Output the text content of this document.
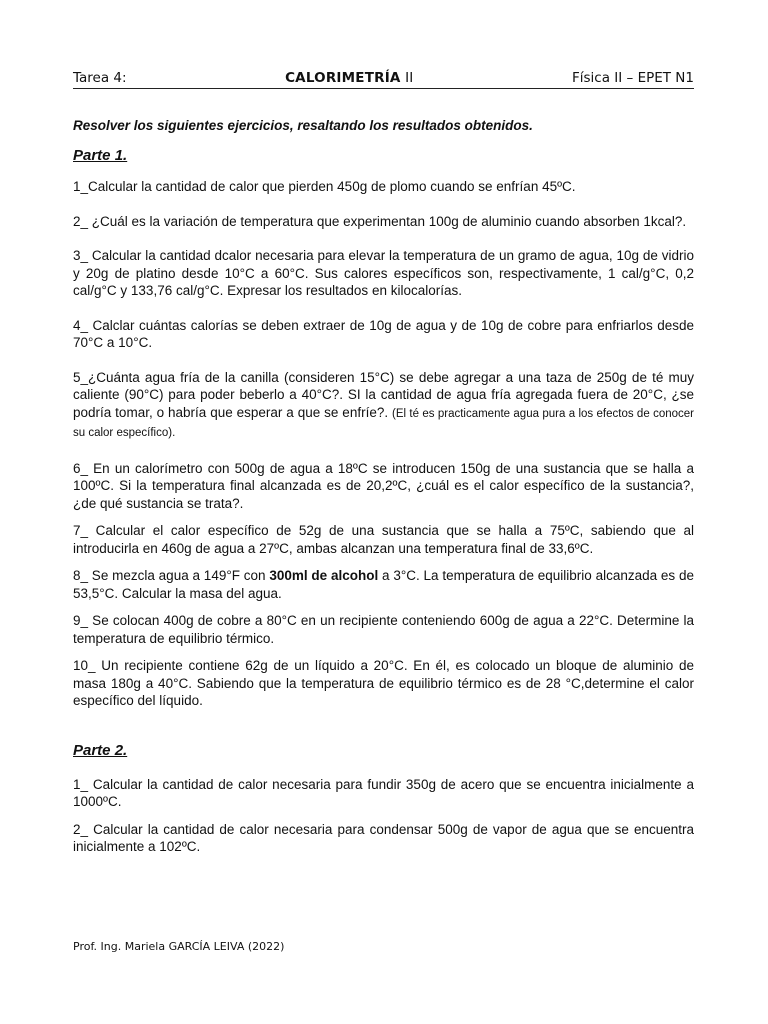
Tarea 4:	CALORIMETRÍA II	Física II – EPET N1

Resolver los siguientes ejercicios, resaltando los resultados obtenidos.

Parte 1.

1_Calcular la cantidad de calor que pierden 450g de plomo cuando se enfrían 45ºC.

2_ ¿Cuál es la variación de temperatura que experimentan 100g de aluminio cuando absorben 1kcal?.

3_ Calcular la cantidad dcalor necesaria para elevar la temperatura de un gramo de agua, 10g de vidrio y 20g de platino desde 10°C a 60°C. Sus calores específicos son, respectivamente, 1 cal/g°C, 0,2 cal/g°C y 133,76 cal/g°C. Expresar los resultados en kilocalorías.

4_ Calclar cuántas calorías se deben extraer de 10g de agua y de 10g de cobre para enfriarlos desde 70°C a 10°C.

5_¿Cuánta agua fría de la canilla (consideren 15°C) se debe agregar a una taza de 250g de té muy caliente (90°C) para poder beberlo a 40°C?. SI la cantidad de agua fría agregada fuera de 20°C, ¿se podría tomar, o habría que esperar a que se enfríe?. (El té es practicamente agua pura a los efectos de conocer su calor específico).

6_ En un calorímetro con 500g de agua a 18ºC se introducen 150g de una sustancia que se halla a 100ºC. Si la temperatura final alcanzada es de 20,2ºC, ¿cuál es el calor específico de la sustancia?, ¿de qué sustancia se trata?.

7_ Calcular el calor específico de 52g de una sustancia que se halla a 75ºC, sabiendo que al introducirla en 460g de agua a 27ºC, ambas alcanzan una temperatura final de 33,6ºC.

8_ Se mezcla agua a 149°F con 300ml de alcohol a 3°C. La temperatura de equilibrio alcanzada es de 53,5°C. Calcular la masa del agua.

9_ Se colocan 400g de cobre a 80°C en un recipiente conteniendo 600g de agua a 22°C. Determine la temperatura de equilibrio térmico.

10_ Un recipiente contiene 62g de un líquido a 20°C. En él, es colocado un bloque de aluminio de masa 180g a 40°C. Sabiendo que la temperatura de equilibrio térmico es de 28 °C,determine el calor específico del líquido.

Parte 2.

1_ Calcular la cantidad de calor necesaria para fundir 350g de acero que se encuentra inicialmente a 1000ºC.

2_ Calcular la cantidad de calor necesaria para condensar 500g de vapor de agua que se encuentra inicialmente a 102ºC.

Prof. Ing. Mariela GARCÍA LEIVA (2022)
